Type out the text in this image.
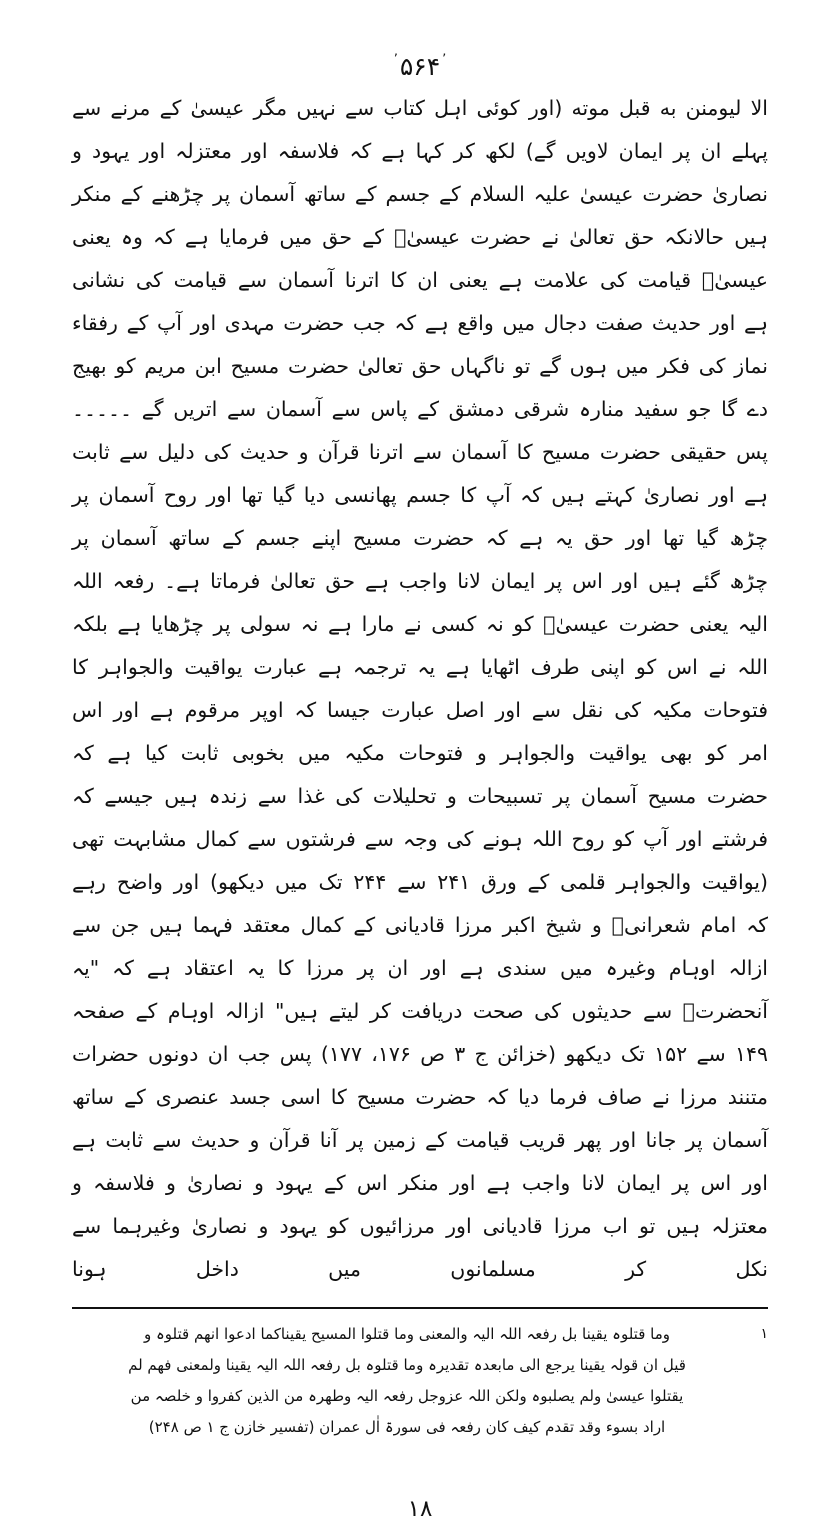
٬۵۶۴٬

الا ليومنن به قبل موته (اور کوئی اہل کتاب سے نہیں مگر عیسیٰ کے مرنے سے پہلے ان پر ایمان لاویں گے) لکھ کر کہا ہے کہ فلاسفہ اور معتزلہ اور یہود و نصاریٰ حضرت عیسیٰ علیہ السلام کے جسم کے ساتھ آسمان پر چڑھنے کے منکر ہیں حالانکہ حق تعالیٰ نے حضرت عیسیٰؑ کے حق میں فرمایا ہے کہ وہ یعنی عیسیٰؑ قیامت کی علامت ہے یعنی ان کا اترنا آسمان سے قیامت کی نشانی ہے اور حدیث صفت دجال میں واقع ہے کہ جب حضرت مہدی اور آپ کے رفقاء نماز کی فکر میں ہوں گے تو ناگہاں حق تعالیٰ حضرت مسیح ابن مریم کو بھیج دے گا جو سفید منارہ شرقی دمشق کے پاس سے آسمان سے اتریں گے ۔۔۔۔۔ پس حقیقی حضرت مسیح کا آسمان سے اترنا قرآن و حدیث کی دلیل سے ثابت ہے اور نصاریٰ کہتے ہیں کہ آپ کا جسم پھانسی دیا گیا تھا اور روح آسمان پر چڑھ گیا تھا اور حق یہ ہے کہ حضرت مسیح اپنے جسم کے ساتھ آسمان پر چڑھ گئے ہیں اور اس پر ایمان لانا واجب ہے حق تعالیٰ فرماتا ہے۔ رفعہ اللہ الیہ یعنی حضرت عیسیٰؑ کو نہ کسی نے مارا ہے نہ سولی پر چڑھایا ہے بلکہ اللہ نے اس کو اپنی طرف اٹھایا ہے یہ ترجمہ ہے عبارت یواقیت والجواہر کا فتوحات مکیہ کی نقل سے اور اصل عبارت جیسا کہ اوپر مرقوم ہے اور اس امر کو بھی یواقیت والجواہر و فتوحات مکیہ میں بخوبی ثابت کیا ہے کہ حضرت مسیح آسمان پر تسبیحات و تحلیلات کی غذا سے زندہ ہیں جیسے کہ فرشتے اور آپ کو روح اللہ ہونے کی وجہ سے فرشتوں سے کمال مشابہت تھی (یواقیت والجواہر قلمی کے ورق ۲۴۱ سے ۲۴۴ تک میں دیکھو) اور واضح رہے کہ امام شعرانیؒ و شیخ اکبر مرزا قادیانی کے کمال معتقد فہما ہیں جن سے ازالہ اوہام وغیرہ میں سندی ہے اور ان پر مرزا کا یہ اعتقاد ہے کہ "یہ آنحضرتؐ سے حدیثوں کی صحت دریافت کر لیتے ہیں" ازالہ اوہام کے صفحہ ۱۴۹ سے ۱۵۲ تک دیکھو (خزائن ج ۳ ص ۱۷۶، ۱۷۷) پس جب ان دونوں حضرات متنند مرزا نے صاف فرما دیا کہ حضرت مسیح کا اسی جسد عنصری کے ساتھ آسمان پر جانا اور پھر قریب قیامت کے زمین پر آنا قرآن و حدیث سے ثابت ہے اور اس پر ایمان لانا واجب ہے اور منکر اس کے یہود و نصاریٰ و فلاسفہ و معتزلہ ہیں تو اب مرزا قادیانی اور مرزائیوں کو یہود و نصاریٰ وغیرہما سے نکل کر مسلمانوں میں داخل ہونا

۱
وما قتلوہ یقینا بل رفعہ اللہ الیہ والمعنی وما قتلوا المسیح یقیناکما ادعوا انھم قتلوہ و
قیل ان قولہ یقینا یرجع الی مابعدہ تقدیرہ وما قتلوہ بل رفعہ اللہ الیہ یقینا ولمعنی فھم لم
یقتلوا عیسیٰ ولم یصلبوہ ولکن اللہ عزوجل رفعہ الیہ وطھرہ من الذین کفروا و خلصہ من
اراد بسوء وقد تقدم کیف کان رفعہ فی سورۃ اٰل عمران (تفسیر خازن ج ۱ ص ۲۴۸)
۱۸
